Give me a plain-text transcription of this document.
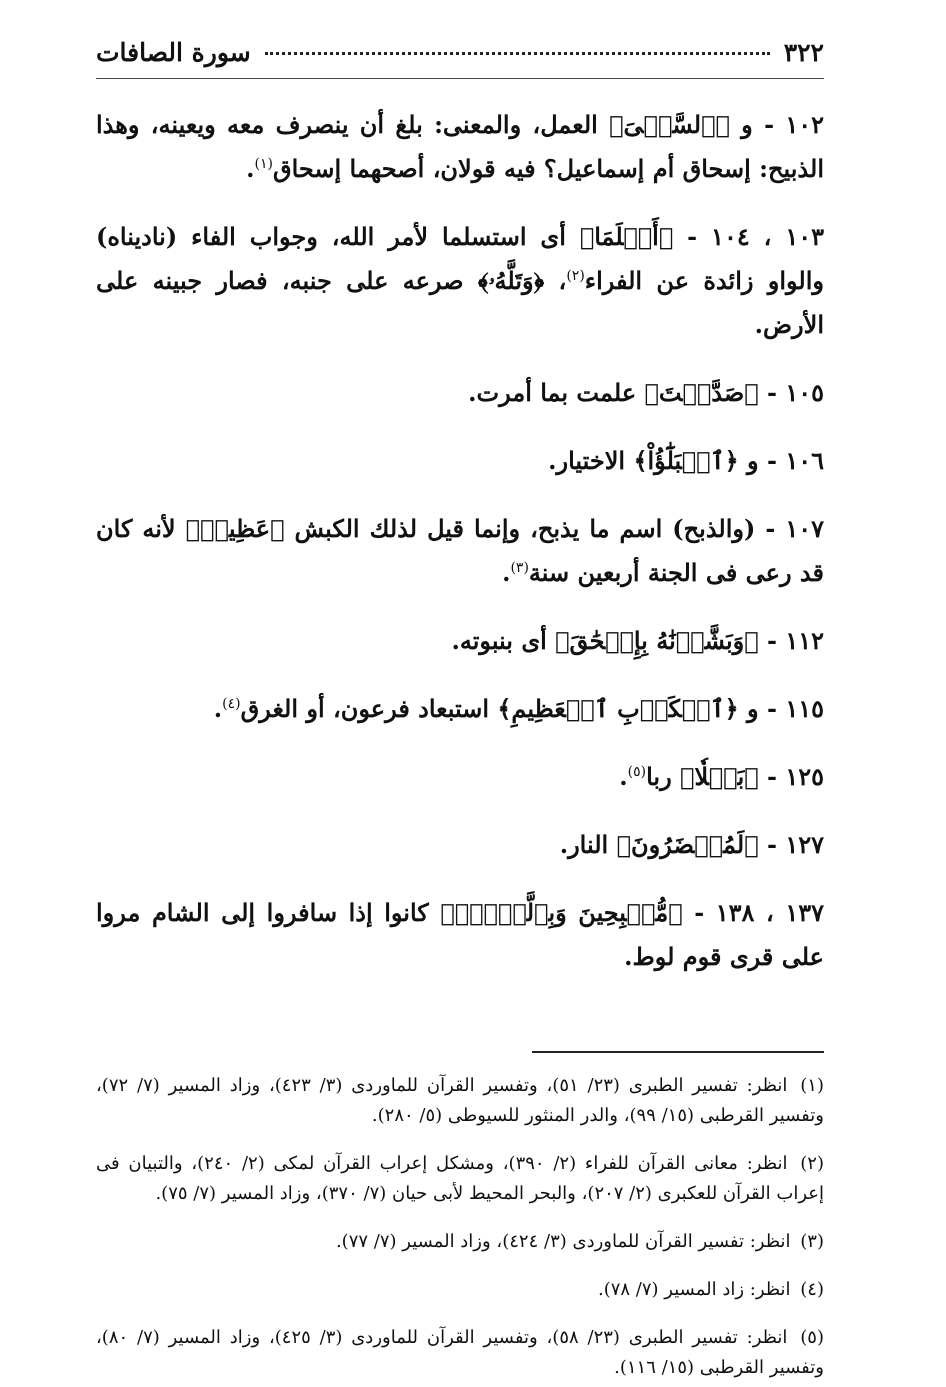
٣٢٢
سورة الصافات

١٠٢ - و ﴿ٱلسَّعۡىَ﴾ العمل، والمعنى: بلغ أن ينصرف معه ويعينه، وهذا الذبيح: إسحاق أم إسماعيل؟ فيه قولان، أصحهما إسحاق$^{(١)}$.

١٠٣ ، ١٠٤ - ﴿أَسۡلَمَا﴾ أى استسلما لأمر الله، وجواب الفاء (ناديناه) والواو زائدة عن الفراء$^{(٢)}$، ﴿وَتَلَّهُۥ﴾ صرعه على جنبه، فصار جبينه على الأرض.

١٠٥ - ﴿صَدَّقۡتَ﴾ علمت بما أمرت.

١٠٦ - و ﴿ٱلۡبَلَٰٓؤُاْ﴾ الاختيار.

١٠٧ - (والذبح) اسم ما يذبح، وإنما قيل لذلك الكبش ﴿عَظِيمٖ﴾ لأنه كان قد رعى فى الجنة أربعين سنة$^{(٣)}$.

١١٢ - ﴿وَبَشَّرۡنَٰهُ بِإِسۡحَٰقَ﴾ أى بنبوته.

١١٥ - و ﴿ٱلۡكَرۡبِ ٱلۡعَظِيمِ﴾ استبعاد فرعون، أو الغرق$^{(٤)}$.

١٢٥ - ﴿بَعۡلٗا﴾ ربا$^{(٥)}$.

١٢٧ - ﴿لَمُحۡضَرُونَ﴾ النار.

١٣٧ ، ١٣٨ - ﴿مُّصۡبِحِينَ وَبِٱلَّيۡلِۚ﴾ كانوا إذا سافروا إلى الشام مروا على قرى قوم لوط.

(١) انظر: تفسير الطبرى (٢٣/ ٥١)، وتفسير القرآن للماوردى (٣/ ٤٢٣)، وزاد المسير (٧/ ٧٢)، وتفسير القرطبى (١٥/ ٩٩)، والدر المنثور للسيوطى (٥/ ٢٨٠).

(٢) انظر: معانى القرآن للفراء (٢/ ٣٩٠)، ومشكل إعراب القرآن لمكى (٢/ ٢٤٠)، والتبيان فى إعراب القرآن للعكبرى (٢/ ٢٠٧)، والبحر المحيط لأبى حيان (٧/ ٣٧٠)، وزاد المسير (٧/ ٧٥).

(٣) انظر: تفسير القرآن للماوردى (٣/ ٤٢٤)، وزاد المسير (٧/ ٧٧).

(٤) انظر: زاد المسير (٧/ ٧٨).

(٥) انظر: تفسير الطبرى (٢٣/ ٥٨)، وتفسير القرآن للماوردى (٣/ ٤٢٥)، وزاد المسير (٧/ ٨٠)، وتفسير القرطبى (١٥/ ١١٦).
